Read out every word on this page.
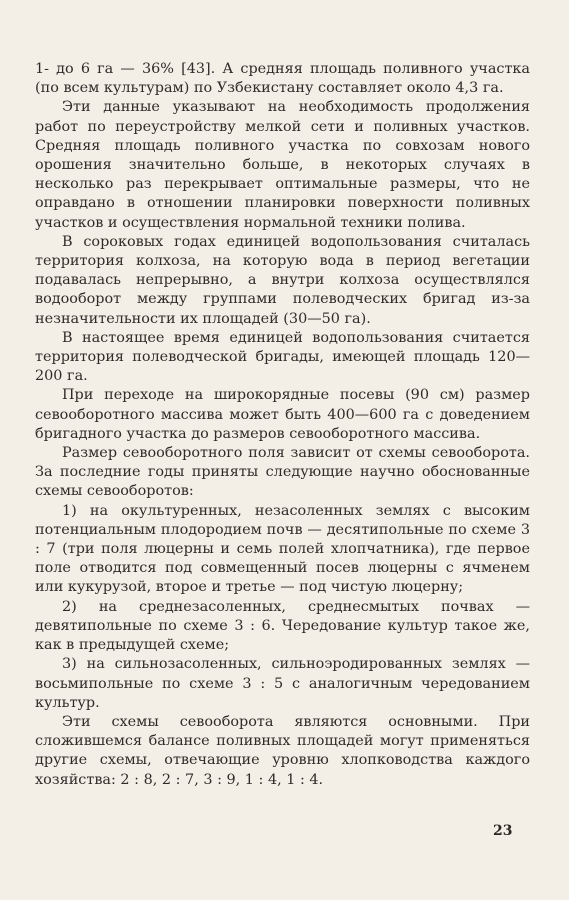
1- до 6 га — 36% [43]. А средняя площадь поливного участка (по всем культурам) по Узбекистану составляет около 4,3 га.

Эти данные указывают на необходимость продолжения работ по переустройству мелкой сети и поливных участков. Средняя площадь поливного участка по совхозам нового орошения значительно больше, в некоторых случаях в несколько раз перекрывает оптимальные размеры, что не оправдано в отношении планировки поверхности поливных участков и осуществления нормальной техники полива.

В сороковых годах единицей водопользования считалась территория колхоза, на которую вода в период вегетации подавалась непрерывно, а внутри колхоза осуществлялся водооборот между группами полеводческих бригад из-за незначительности их площадей (30—50 га).

В настоящее время единицей водопользования считается территория полеводческой бригады, имеющей площадь 120—200 га.

При переходе на широкорядные посевы (90 см) размер севооборотного массива может быть 400—600 га с доведением бригадного участка до размеров севооборотного массива.

Размер севооборотного поля зависит от схемы севооборота. За последние годы приняты следующие научно обоснованные схемы севооборотов:

1) на окультуренных, незасоленных землях с высоким потенциальным плодородием почв — десятипольные по схеме 3 : 7 (три поля люцерны и семь полей хлопчатника), где первое поле отводится под совмещенный посев люцерны с ячменем или кукурузой, второе и третье — под чистую люцерну;

2) на среднезасоленных, среднесмытых почвах — девятипольные по схеме 3 : 6. Чередование культур такое же, как в предыдущей схеме;

3) на сильнозасоленных, сильноэродированных землях — восьмипольные по схеме 3 : 5 с аналогичным чередованием культур.

Эти схемы севооборота являются основными. При сложившемся балансе поливных площадей могут применяться другие схемы, отвечающие уровню хлопководства каждого хозяйства: 2 : 8, 2 : 7, 3 : 9, 1 : 4, 1 : 4.

23
